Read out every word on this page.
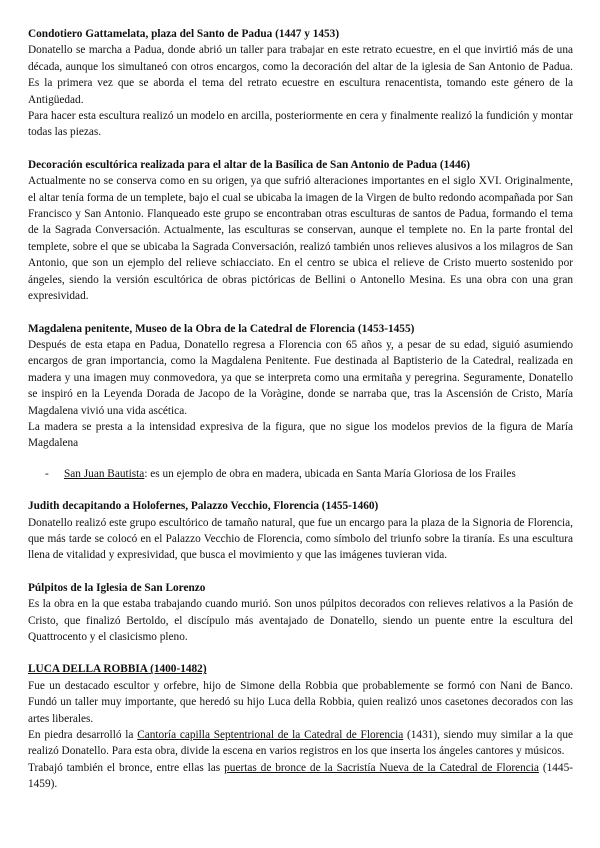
Condotiero Gattamelata, plaza del Santo de Padua (1447 y 1453)

Donatello se marcha a Padua, donde abrió un taller para trabajar en este retrato ecuestre, en el que invirtió más de una década, aunque los simultaneó con otros encargos, como la decoración del altar de la iglesia de San Antonio de Padua. Es la primera vez que se aborda el tema del retrato ecuestre en escultura renacentista, tomando este género de la Antigüedad.

Para hacer esta escultura realizó un modelo en arcilla, posteriormente en cera y finalmente realizó la fundición y montar todas las piezas.

Decoración escultórica realizada para el altar de la Basílica de San Antonio de Padua (1446)

Actualmente no se conserva como en su origen, ya que sufrió alteraciones importantes en el siglo XVI. Originalmente, el altar tenía forma de un templete, bajo el cual se ubicaba la imagen de la Virgen de bulto redondo acompañada por San Francisco y San Antonio. Flanqueado este grupo se encontraban otras esculturas de santos de Padua, formando el tema de la Sagrada Conversación. Actualmente, las esculturas se conservan, aunque el templete no. En la parte frontal del templete, sobre el que se ubicaba la Sagrada Conversación, realizó también unos relieves alusivos a los milagros de San Antonio, que son un ejemplo del relieve schiacciato. En el centro se ubica el relieve de Cristo muerto sostenido por ángeles, siendo la versión escultórica de obras pictóricas de Bellini o Antonello Mesina. Es una obra con una gran expresividad.

Magdalena penitente, Museo de la Obra de la Catedral de Florencia (1453-1455)

Después de esta etapa en Padua, Donatello regresa a Florencia con 65 años y, a pesar de su edad, siguió asumiendo encargos de gran importancia, como la Magdalena Penitente. Fue destinada al Baptisterio de la Catedral, realizada en madera y una imagen muy conmovedora, ya que se interpreta como una ermitaña y peregrina. Seguramente, Donatello se inspiró en la Leyenda Dorada de Jacopo de la Voràgine, donde se narraba que, tras la Ascensión de Cristo, María Magdalena vivió una vida ascética.

La madera se presta a la intensidad expresiva de la figura, que no sigue los modelos previos de la figura de María Magdalena

- San Juan Bautista: es un ejemplo de obra en madera, ubicada en Santa María Gloriosa de los Frailes
Judith decapitando a Holofernes, Palazzo Vecchio, Florencia (1455-1460)

Donatello realizó este grupo escultórico de tamaño natural, que fue un encargo para la plaza de la Signoria de Florencia, que más tarde se colocó en el Palazzo Vecchio de Florencia, como símbolo del triunfo sobre la tiranía. Es una escultura llena de vitalidad y expresividad, que busca el movimiento y que las imágenes tuvieran vida.

Púlpitos de la Iglesia de San Lorenzo

Es la obra en la que estaba trabajando cuando murió. Son unos púlpitos decorados con relieves relativos a la Pasión de Cristo, que finalizó Bertoldo, el discípulo más aventajado de Donatello, siendo un puente entre la escultura del Quattrocento y el clasicismo pleno.

LUCA DELLA ROBBIA (1400-1482)

Fue un destacado escultor y orfebre, hijo de Simone della Robbia que probablemente se formó con Nani de Banco. Fundó un taller muy importante, que heredó su hijo Luca della Robbia, quien realizó unos casetones decorados con las artes liberales.

En piedra desarrolló la Cantoría capilla Septentrional de la Catedral de Florencia (1431), siendo muy similar a la que realizó Donatello. Para esta obra, divide la escena en varios registros en los que inserta los ángeles cantores y músicos.

Trabajó también el bronce, entre ellas las puertas de bronce de la Sacristía Nueva de la Catedral de Florencia (1445-1459).
